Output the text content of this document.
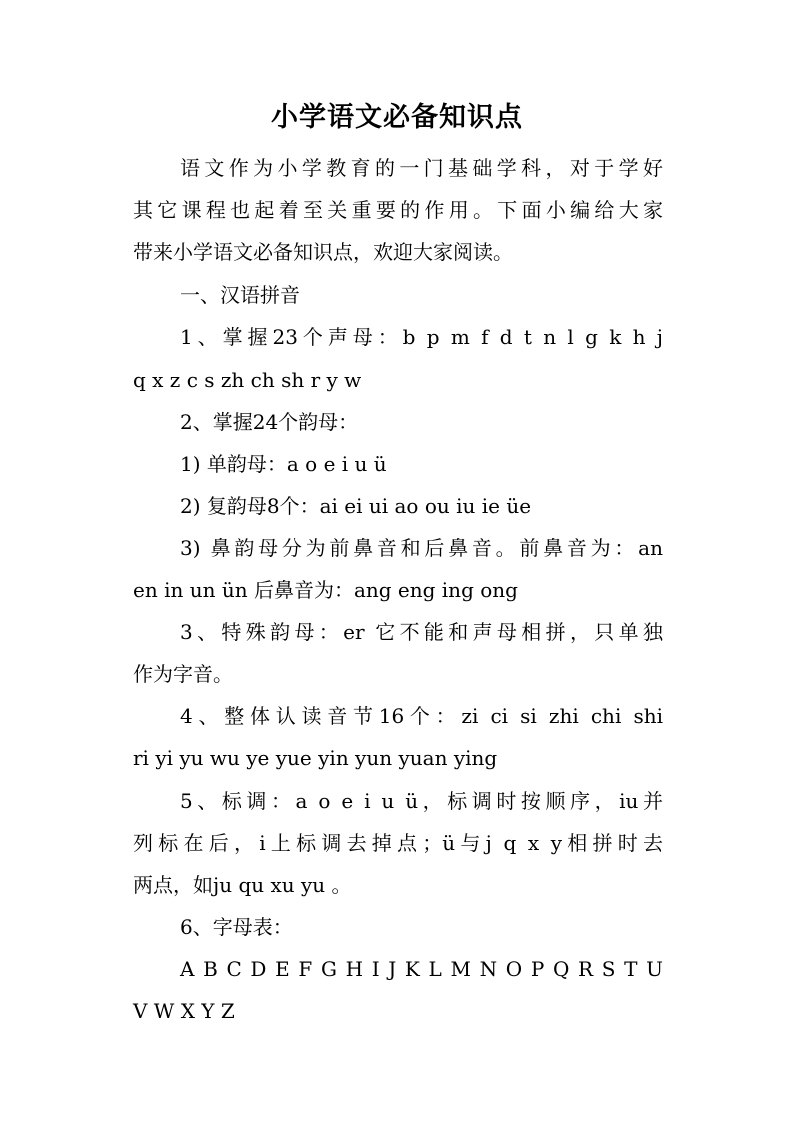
小学语文必备知识点
语文作为小学教育的一门基础学科，对于学好
其它课程也起着至关重要的作用。下面小编给大家
带来小学语文必备知识点，欢迎大家阅读。
一、汉语拼音
1、掌握23个声母：b p m f d t n l g k h j
q x z c s zh ch sh r y w
2、掌握24个韵母：
1) 单韵母：a o e i u ü
2) 复韵母8个：ai ei ui ao ou iu ie üe
3) 鼻韵母分为前鼻音和后鼻音。前鼻音为：an
en in un ün 后鼻音为：ang eng ing ong
3、特殊韵母：er 它不能和声母相拼，只单独
作为字音。
4、整体认读音节16个：zi ci si zhi chi shi
ri yi yu wu ye yue yin yun yuan ying
5、标调：a o e i u ü，标调时按顺序，iu并
列标在后，i上标调去掉点；ü与j q x y相拼时去
两点，如ju qu xu yu 。
6、字母表：
A B C D E F G H I J K L M N O P Q R S T U
V W X Y Z
